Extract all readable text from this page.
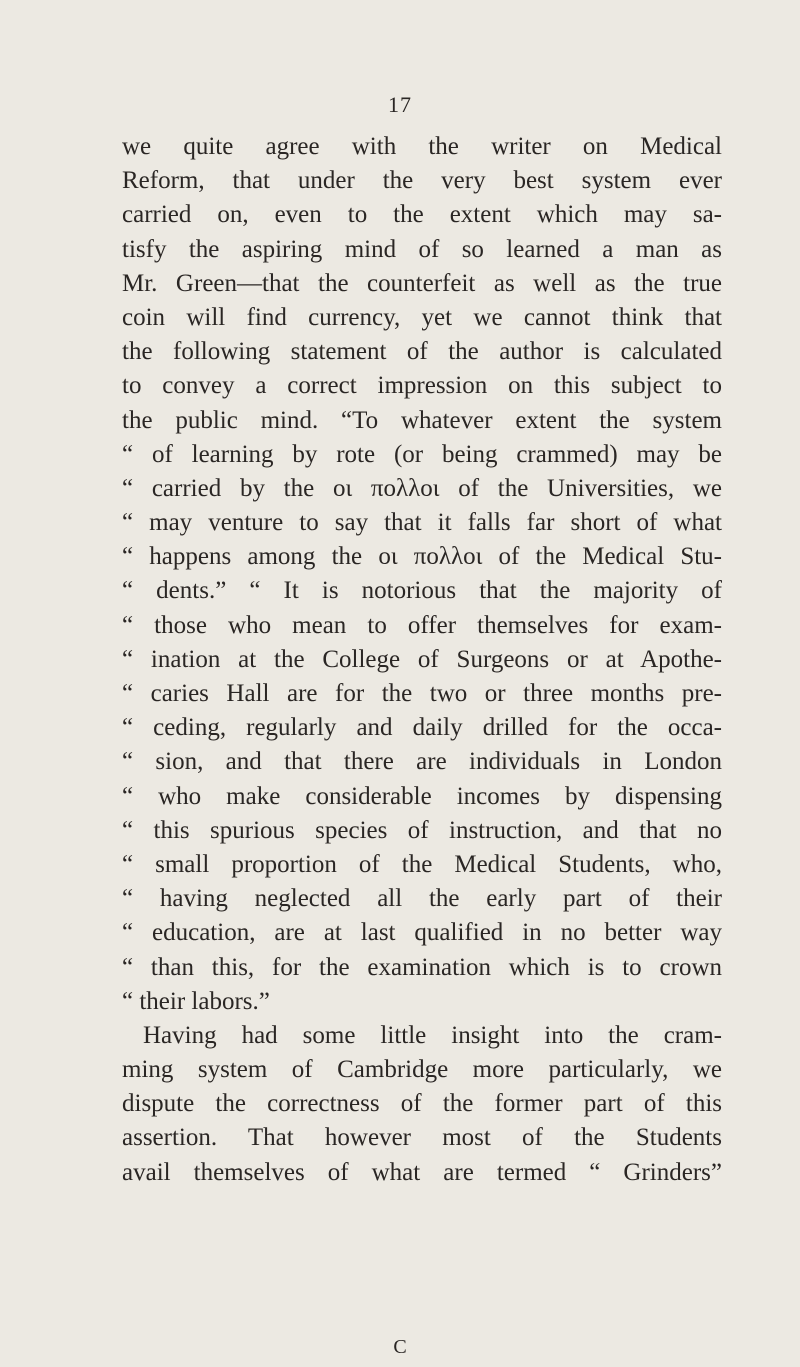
17
we quite agree with the writer on Medical
Reform, that under the very best system ever
carried on, even to the extent which may sa-
tisfy the aspiring mind of so learned a man as
Mr. Green—that the counterfeit as well as the true
coin will find currency, yet we cannot think that
the following statement of the author is calculated
to convey a correct impression on this subject to
the public mind. “To whatever extent the system
“ of learning by rote (or being crammed) may be
“ carried by the οι πολλοι of the Universities, we
“ may venture to say that it falls far short of what
“ happens among the οι πολλοι of the Medical Stu-
“ dents.” “ It is notorious that the majority of
“ those who mean to offer themselves for exam-
“ ination at the College of Surgeons or at Apothe-
“ caries Hall are for the two or three months pre-
“ ceding, regularly and daily drilled for the occa-
“ sion, and that there are individuals in London
“ who make considerable incomes by dispensing
“ this spurious species of instruction, and that no
“ small proportion of the Medical Students, who,
“ having neglected all the early part of their
“ education, are at last qualified in no better way
“ than this, for the examination which is to crown
“ their labors.”
Having had some little insight into the cram-
ming system of Cambridge more particularly, we
dispute the correctness of the former part of this
assertion. That however most of the Students
avail themselves of what are termed “ Grinders”
C
